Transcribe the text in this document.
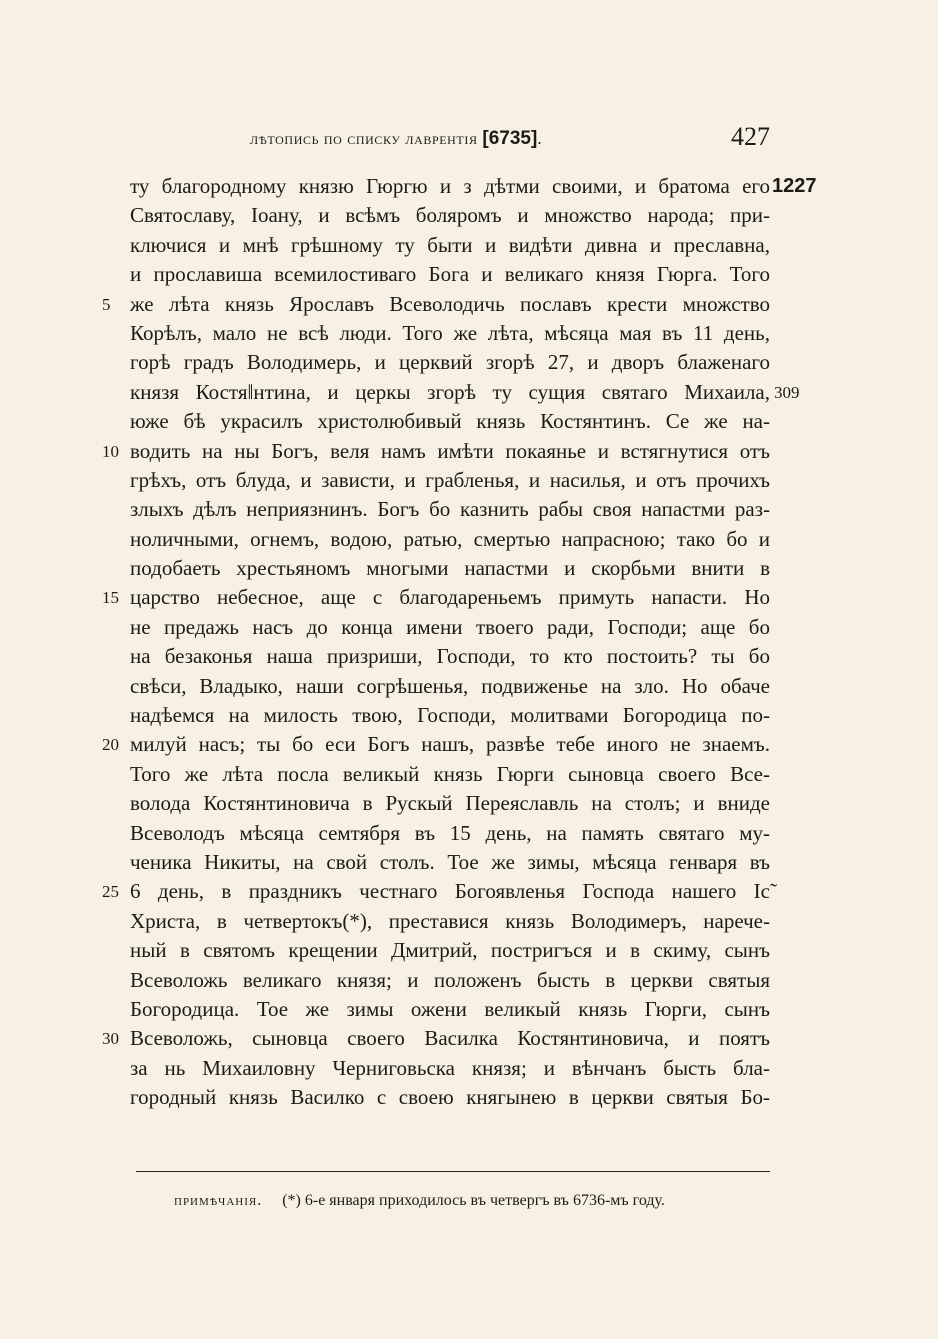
лѣтопись по списку лаврентія [6735].	427
ту благородному князю Гюргю и з дѣтми своими, и братома его 1227
Святославу, Іоану, и всѣмъ боляромъ и множство народа; при-
ключися и мнѣ грѣшному ту быти и видѣти дивна и преславна,
и прославиша всемилостиваго Бога и великаго князя Гюрга. Того
5 же лѣта князь Ярославъ Всеволодичь пославъ крести множство
Корѣлъ, мало не всѣ люди. Того же лѣта, мѣсяца мая въ 11 день,
горѣ градъ Володимерь, и церквий згорѣ 27, и дворъ блаженаго
князя Костя‖нтина, и церкы згорѣ ту сущия святаго Михаила, 309
юже бѣ украсилъ христолюбивый князь Костянтинъ. Се же на-
10 водить на ны Богъ, веля намъ имѣти покаянье и встягнутися отъ
грѣхъ, отъ блуда, и зависти, и грабленья, и насилья, и отъ прочихъ
злыхъ дѣлъ неприязнинъ. Богъ бо казнить рабы своя напастми раз-
ноличными, огнемъ, водою, ратью, смертью напрасною; тако бо и
подобаеть хрестьяномъ многыми напастми и скорбьми внити в
15 царство небесное, аще с благодареньемъ примуть напасти. Но
не предажь насъ до конца имени твоего ради, Господи; аще бо
на безаконья наша призриши, Господи, то кто постоить? ты бо
свѣси, Владыко, наши согрѣшенья, подвиженье на зло. Но обаче
надѣемся на милость твою, Господи, молитвами Богородица по-
20 милуй насъ; ты бо еси Богъ нашъ, развѣе тебе иного не знаемъ.
Того же лѣта посла великый князь Гюрги сыновца своего Все-
волода Костянтиновича в Рускый Переяславль на столъ; и вниде
Всеволодъ мѣсяца семтября въ 15 день, на память святаго му-
ченика Никиты, на свой столъ. Тое же зимы, мѣсяца генваря въ
25 6 день, в праздникъ честнаго Богоявленья Господа нашего Іс̃
Христа, в четвертокъ(*), преставися князь Володимеръ, нарече-
ный в святомъ крещении Дмитрий, постригъся и в скиму, сынъ
Всеволожь великаго князя; и положенъ бысть в церкви святыя
Богородица. Тое же зимы ожени великый князь Гюрги, сынъ
30 Всеволожь, сыновца своего Василка Костянтиновича, и поятъ
за нь Михаиловну Черниговьска князя; и вѣнчанъ бысть бла-
городный князь Василко с своею княгынею в церкви святыя Бо-
примѣчанія. (*) 6-е января приходилось въ четвергъ въ 6736-мъ году.
